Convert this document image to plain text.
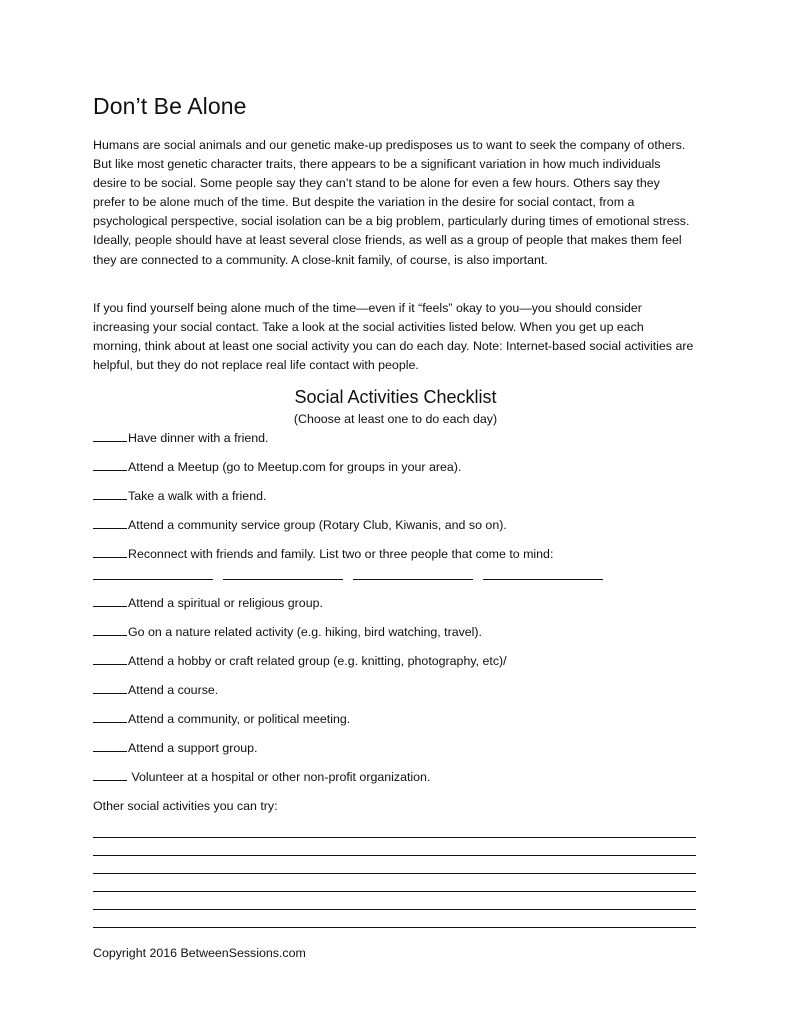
Don’t Be Alone

Humans are social animals and our genetic make-up predisposes us to want to seek the company of others. But like most genetic character traits, there appears to be a significant variation in how much individuals desire to be social. Some people say they can’t stand to be alone for even a few hours. Others say they prefer to be alone much of the time. But despite the variation in the desire for social contact, from a psychological perspective, social isolation can be a big problem, particularly during times of emotional stress. Ideally, people should have at least several close friends, as well as a group of people that makes them feel they are connected to a community. A close-knit family, of course, is also important.

If you find yourself being alone much of the time—even if it “feels” okay to you—you should consider increasing your social contact. Take a look at the social activities listed below. When you get up each morning, think about at least one social activity you can do each day. Note: Internet-based social activities are helpful, but they do not replace real life contact with people.

Social Activities Checklist
(Choose at least one to do each day)
Have dinner with a friend.
Attend a Meetup (go to Meetup.com for groups in your area).
Take a walk with a friend.
Attend a community service group (Rotary Club, Kiwanis, and so on).
Reconnect with friends and family. List two or three people that come to mind:
Attend a spiritual or religious group.
Go on a nature related activity (e.g. hiking, bird watching, travel).
Attend a hobby or craft related group (e.g. knitting, photography, etc)/
Attend a course.
Attend a community, or political meeting.
Attend a support group.
Volunteer at a hospital or other non-profit organization.
Other social activities you can try:
Copyright 2016 BetweenSessions.com
